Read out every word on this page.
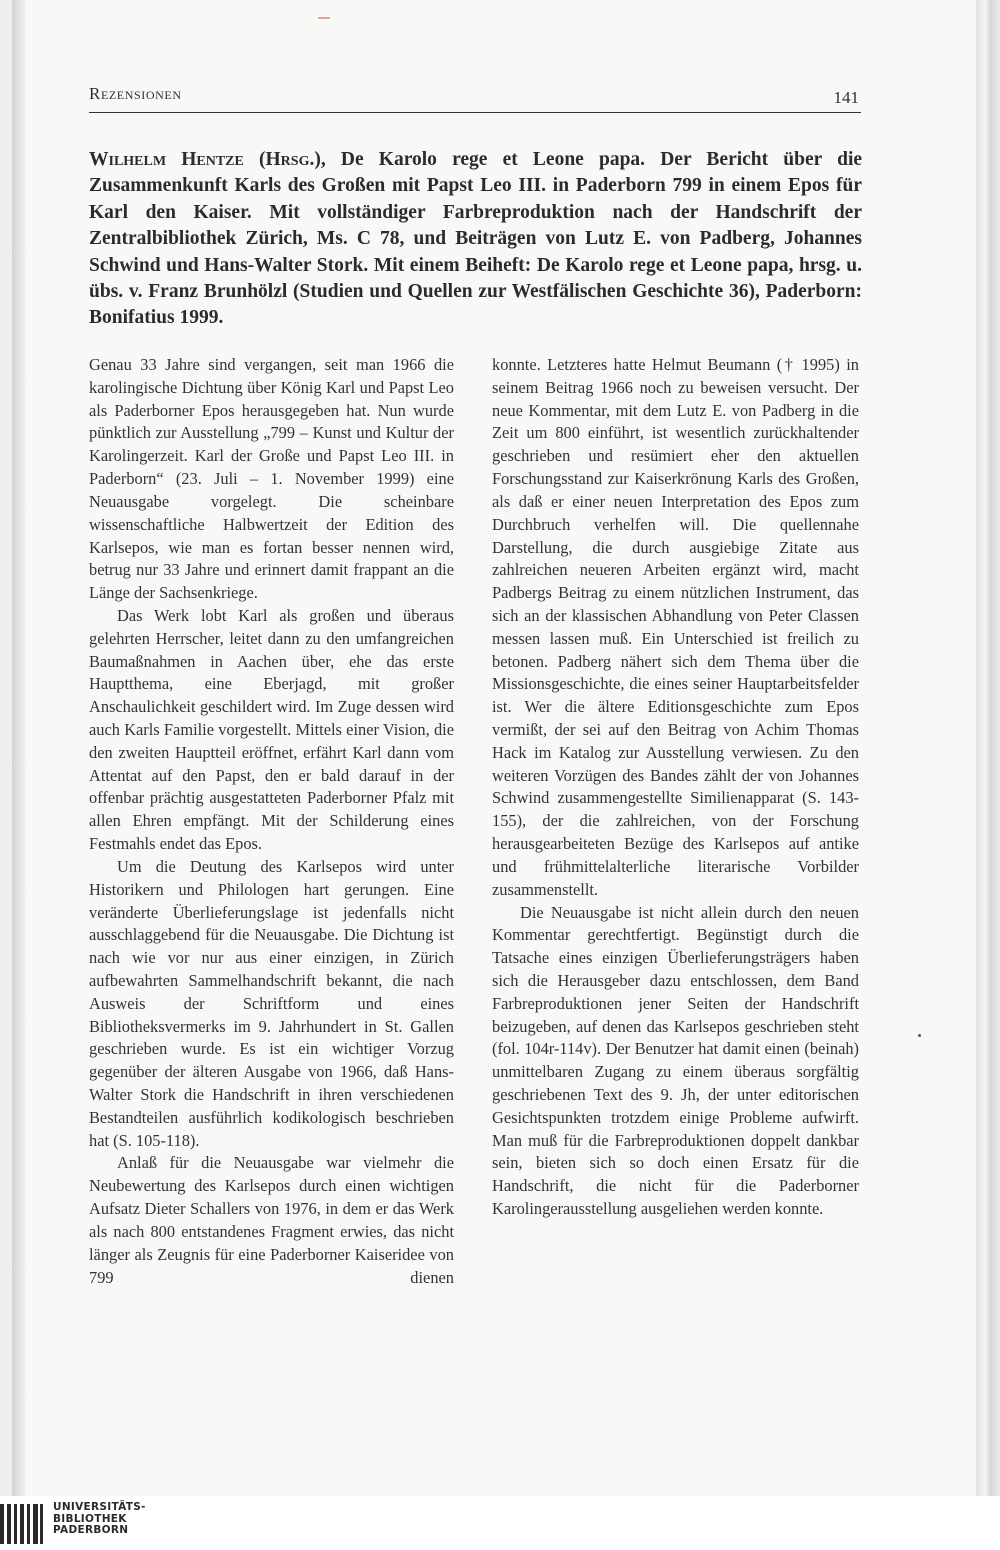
Rezensionen	141
Wilhelm Hentze (Hrsg.), De Karolo rege et Leone papa. Der Bericht über die Zusammenkunft Karls des Großen mit Papst Leo III. in Paderborn 799 in einem Epos für Karl den Kaiser. Mit vollständiger Farbreproduktion nach der Handschrift der Zentralbibliothek Zürich, Ms. C 78, und Beiträgen von Lutz E. von Padberg, Johannes Schwind und Hans-Walter Stork. Mit einem Beiheft: De Karolo rege et Leone papa, hrsg. u. übs. v. Franz Brunhölzl (Studien und Quellen zur Westfälischen Geschichte 36), Paderborn: Bonifatius 1999.

Genau 33 Jahre sind vergangen, seit man 1966 die karolingische Dichtung über König Karl und Papst Leo als Paderborner Epos herausgegeben hat. Nun wurde pünktlich zur Ausstellung „799 – Kunst und Kultur der Karolingerzeit. Karl der Große und Papst Leo III. in Paderborn“ (23. Juli – 1. November 1999) eine Neuausgabe vorgelegt. Die scheinbare wissenschaftliche Halbwertzeit der Edition des Karlsepos, wie man es fortan besser nennen wird, betrug nur 33 Jahre und erinnert damit frappant an die Länge der Sachsenkriege.

Das Werk lobt Karl als großen und überaus gelehrten Herrscher, leitet dann zu den umfangreichen Baumaßnahmen in Aachen über, ehe das erste Hauptthema, eine Eberjagd, mit großer Anschaulichkeit geschildert wird. Im Zuge dessen wird auch Karls Familie vorgestellt. Mittels einer Vision, die den zweiten Hauptteil eröffnet, erfährt Karl dann vom Attentat auf den Papst, den er bald darauf in der offenbar prächtig ausgestatteten Paderborner Pfalz mit allen Ehren empfängt. Mit der Schilderung eines Festmahls endet das Epos.

Um die Deutung des Karlsepos wird unter Historikern und Philologen hart gerungen. Eine veränderte Überlieferungslage ist jedenfalls nicht ausschlaggebend für die Neuausgabe. Die Dichtung ist nach wie vor nur aus einer einzigen, in Zürich aufbewahrten Sammelhandschrift bekannt, die nach Ausweis der Schriftform und eines Bibliotheksvermerks im 9. Jahrhundert in St. Gallen geschrieben wurde. Es ist ein wichtiger Vorzug gegenüber der älteren Ausgabe von 1966, daß Hans-Walter Stork die Handschrift in ihren verschiedenen Bestandteilen ausführlich kodikologisch beschrieben hat (S. 105-118).

Anlaß für die Neuausgabe war vielmehr die Neubewertung des Karlsepos durch einen wichtigen Aufsatz Dieter Schallers von 1976, in dem er das Werk als nach 800 entstandenes Fragment erwies, das nicht länger als Zeugnis für eine Paderborner Kaiseridee von 799 dienen

konnte. Letzteres hatte Helmut Beumann († 1995) in seinem Beitrag 1966 noch zu beweisen versucht. Der neue Kommentar, mit dem Lutz E. von Padberg in die Zeit um 800 einführt, ist wesentlich zurückhaltender geschrieben und resümiert eher den aktuellen Forschungsstand zur Kaiserkrönung Karls des Großen, als daß er einer neuen Interpretation des Epos zum Durchbruch verhelfen will. Die quellennahe Darstellung, die durch ausgiebige Zitate aus zahlreichen neueren Arbeiten ergänzt wird, macht Padbergs Beitrag zu einem nützlichen Instrument, das sich an der klassischen Abhandlung von Peter Classen messen lassen muß. Ein Unterschied ist freilich zu betonen. Padberg nähert sich dem Thema über die Missionsgeschichte, die eines seiner Hauptarbeitsfelder ist. Wer die ältere Editionsgeschichte zum Epos vermißt, der sei auf den Beitrag von Achim Thomas Hack im Katalog zur Ausstellung verwiesen. Zu den weiteren Vorzügen des Bandes zählt der von Johannes Schwind zusammengestellte Similienapparat (S. 143-155), der die zahlreichen, von der Forschung herausgearbeiteten Bezüge des Karlsepos auf antike und frühmittelalterliche literarische Vorbilder zusammenstellt.

Die Neuausgabe ist nicht allein durch den neuen Kommentar gerechtfertigt. Begünstigt durch die Tatsache eines einzigen Überlieferungsträgers haben sich die Herausgeber dazu entschlossen, dem Band Farbreproduktionen jener Seiten der Handschrift beizugeben, auf denen das Karlsepos geschrieben steht (fol. 104r-114v). Der Benutzer hat damit einen (beinah) unmittelbaren Zugang zu einem überaus sorgfältig geschriebenen Text des 9. Jh, der unter editorischen Gesichtspunkten trotzdem einige Probleme aufwirft. Man muß für die Farbreproduktionen doppelt dankbar sein, bieten sich so doch einen Ersatz für die Handschrift, die nicht für die Paderborner Karolingerausstellung ausgeliehen werden konnte.

UNIVERSITÄTS-
BIBLIOTHEK
PADERBORN
